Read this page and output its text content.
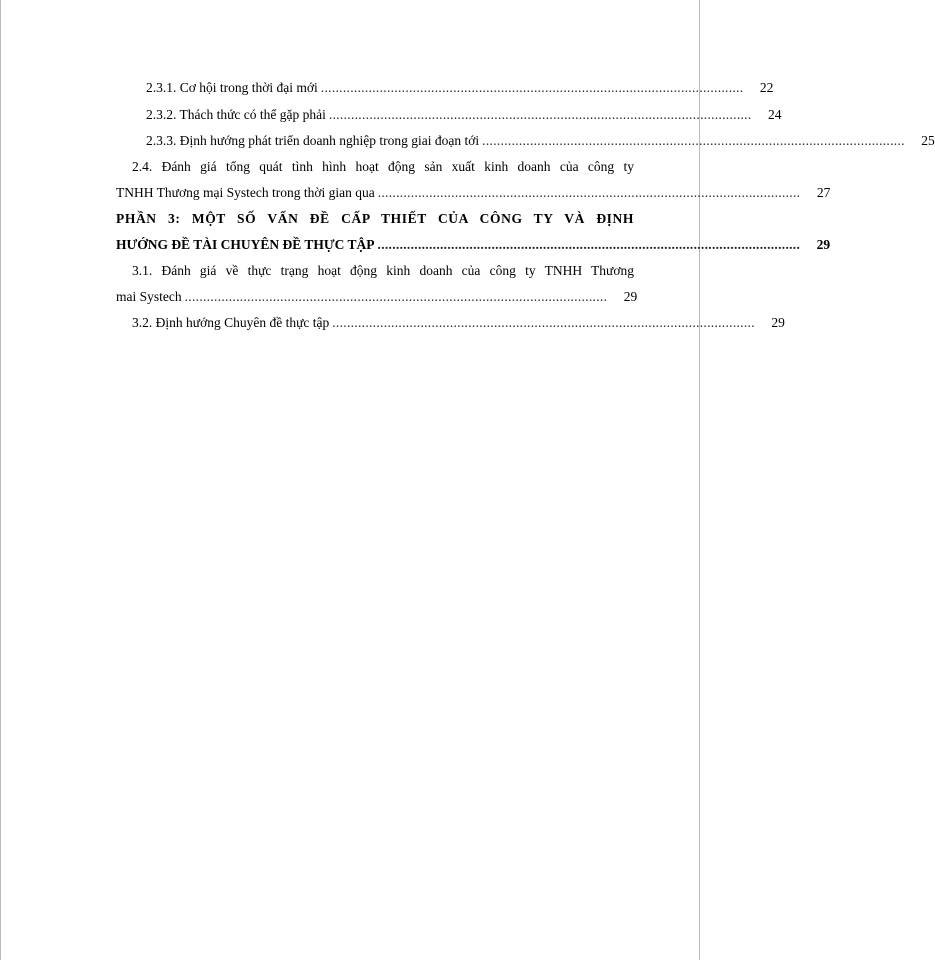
2.3.1. Cơ hội trong thời đại mới ...................................................................................................................	22
2.3.2. Thách thức có thể gặp phải ...................................................................................................................	24
2.3.3. Định hướng phát triển doanh nghiệp trong giai đoạn tới ...................................................................................................................	25
2.4. Đánh giá tổng quát tình hình hoạt động sản xuất kinh doanh của công ty
TNHH Thương mại Systech trong thời gian qua ...................................................................................................................	27
PHẦN 3: MỘT SỐ VẤN ĐỀ CẤP THIẾT CỦA CÔNG TY VÀ ĐỊNH
HƯỚNG ĐỀ TÀI CHUYÊN ĐỀ THỰC TẬP ...................................................................................................................	29
3.1. Đánh giá về thực trạng hoạt động kinh doanh của công ty TNHH Thương
mai Systech ...................................................................................................................	29
3.2. Định hướng Chuyên đề thực tập ...................................................................................................................	29
